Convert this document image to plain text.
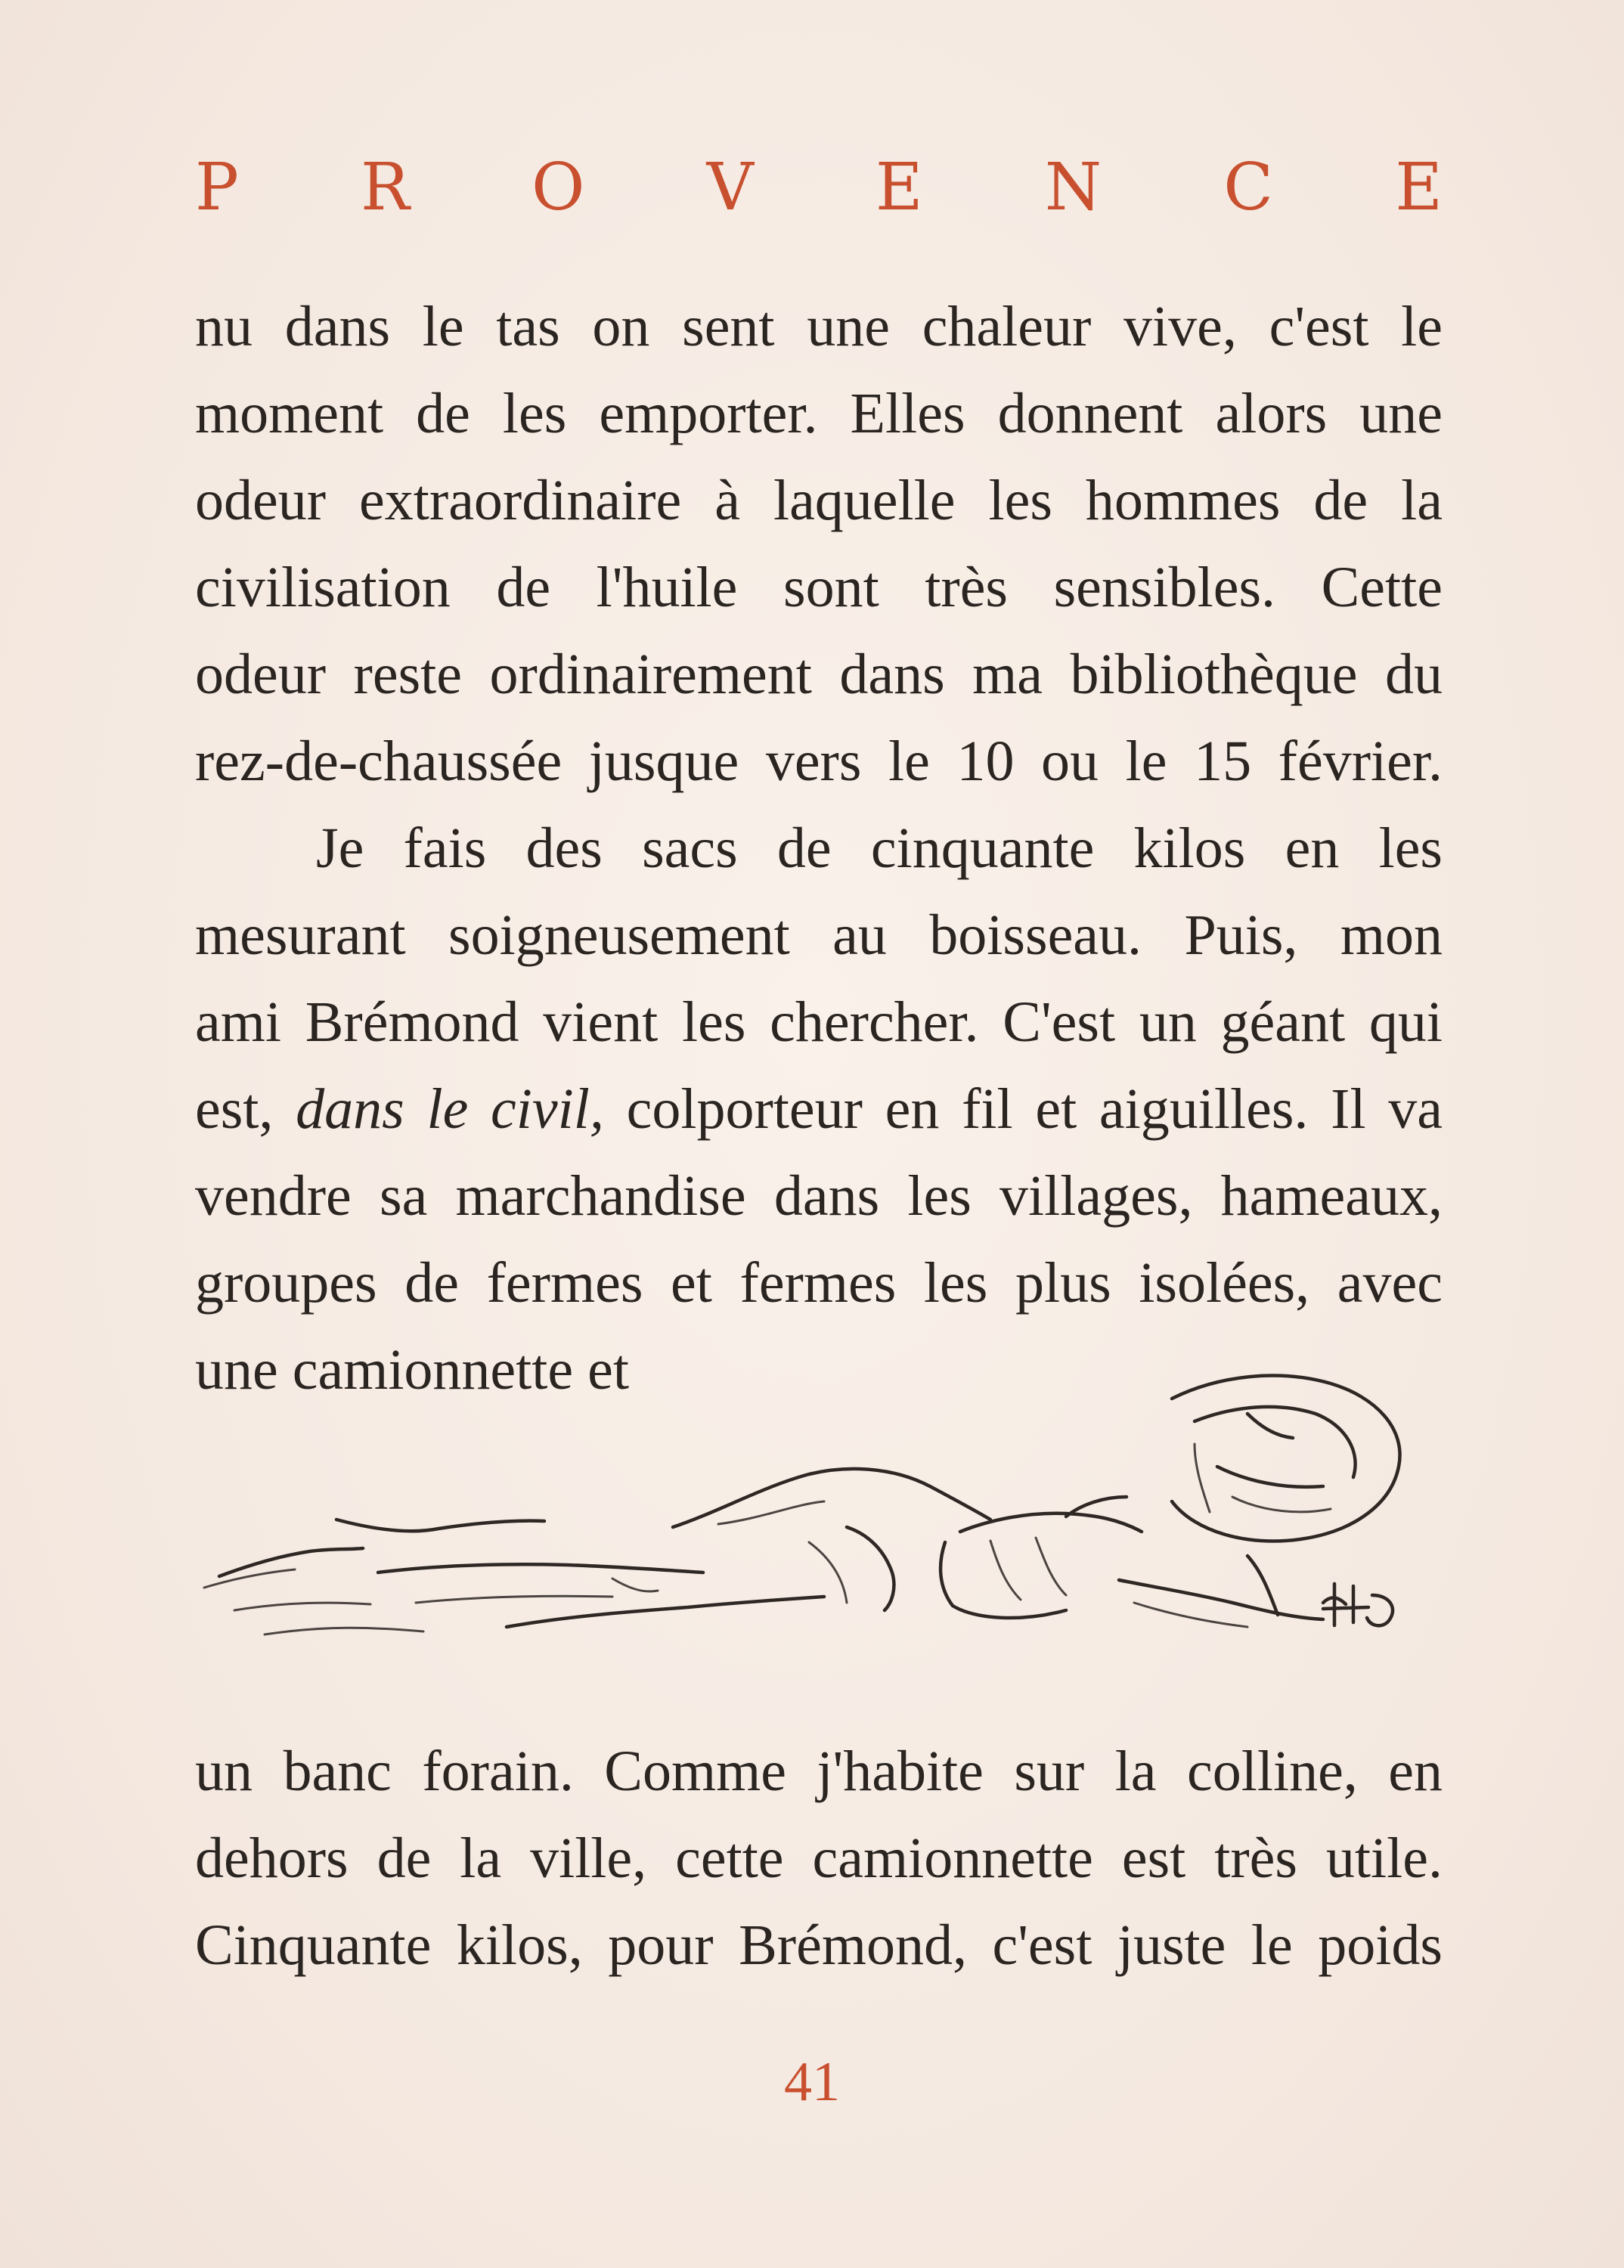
P R O V E N C E
nu dans le tas on sent une chaleur vive, c'est le
moment de les emporter. Elles donnent alors une
odeur extraordinaire à laquelle les hommes de la
civilisation de l'huile sont très sensibles. Cette
odeur reste ordinairement dans ma bibliothèque du
rez-de-chaussée jusque vers le 10 ou le 15 février.
Je fais des sacs de cinquante kilos en les
mesurant soigneusement au boisseau. Puis, mon
ami Brémond vient les chercher. C'est un géant qui
est, dans le civil, colporteur en fil et aiguilles. Il va
vendre sa marchandise dans les villages, hameaux,
groupes de fermes et fermes les plus isolées, avec
une camionnette et
un banc forain. Comme j'habite sur la colline, en
dehors de la ville, cette camionnette est très utile.
Cinquante kilos, pour Brémond, c'est juste le poids
41
